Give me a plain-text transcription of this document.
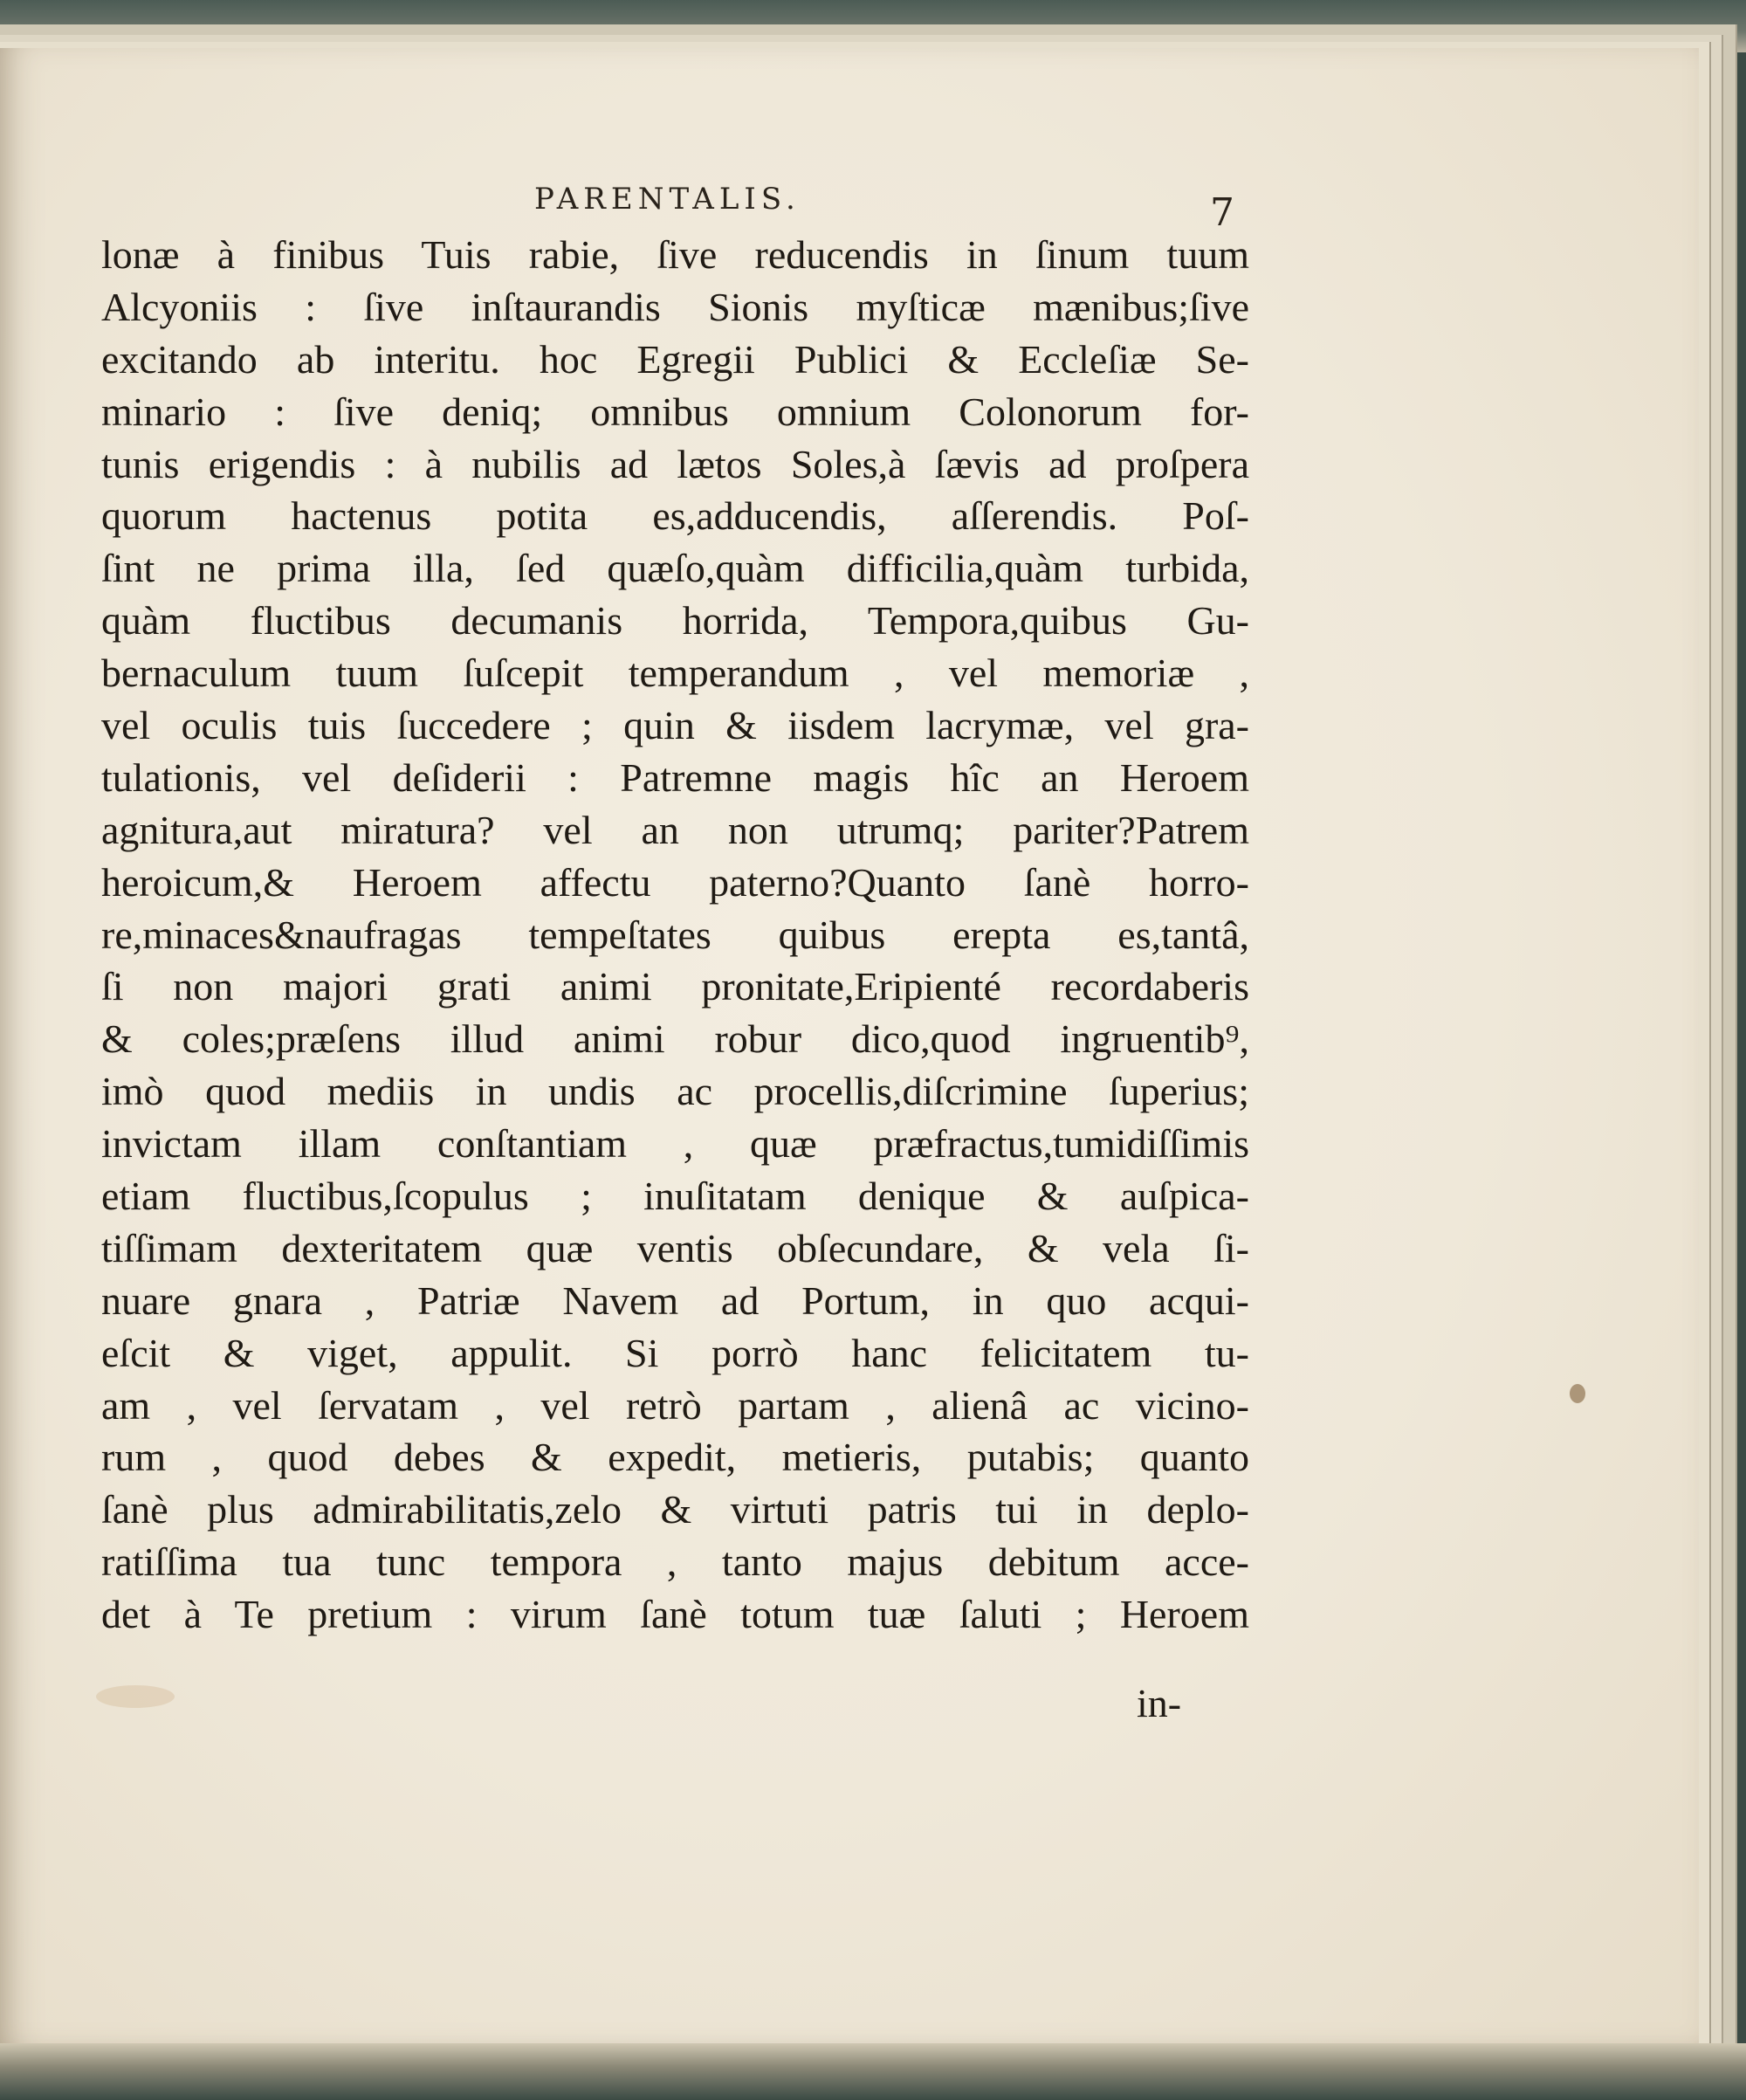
PARENTALIS.	7
lonæ à finibus Tuis rabie, ſive reducendis in ſinum tuum
Alcyoniis : ſive inſtaurandis Sionis myſticæ mænibus;ſive
excitando ab interitu. hoc Egregii Publici & Eccleſiæ Se-
minario : ſive deniq; omnibus omnium Colonorum for-
tunis erigendis : à nubilis ad lætos Soles,à ſævis ad proſpera
quorum hactenus potita es,adducendis, aſſerendis. Poſ-
ſint ne prima illa, ſed quæſo,quàm difficilia,quàm turbida,
quàm fluctibus decumanis horrida, Tempora,quibus Gu-
bernaculum tuum ſuſcepit temperandum , vel memoriæ ,
vel oculis tuis ſuccedere ; quin & iisdem lacrymæ, vel gra-
tulationis, vel deſiderii : Patremne magis hîc an Heroem
agnitura,aut miratura? vel an non utrumq; pariter?Patrem
heroicum,& Heroem affectu paterno?Quanto ſanè horro-
re,minaces&naufragas tempeſtates quibus erepta es,tantâ,
ſi non majori grati animi pronitate,Eripienté recordaberis
& coles;præſens illud animi robur dico,quod ingruentib⁹,
imò quod mediis in undis ac procellis,diſcrimine ſuperius;
invictam illam conſtantiam , quæ præfractus,tumidiſſimis
etiam fluctibus,ſcopulus ; inuſitatam denique & auſpica-
tiſſimam dexteritatem quæ ventis obſecundare, & vela ſi-
nuare gnara , Patriæ Navem ad Portum, in quo acqui-
eſcit & viget, appulit. Si porrò hanc felicitatem tu-
am , vel ſervatam , vel retrò partam , alienâ ac vicino-
rum , quod debes & expedit, metieris, putabis; quanto
ſanè plus admirabilitatis,zelo & virtuti patris tui in deplo-
ratiſſima tua tunc tempora , tanto majus debitum acce-
det à Te pretium : virum ſanè totum tuæ ſaluti ; Heroem
in-
